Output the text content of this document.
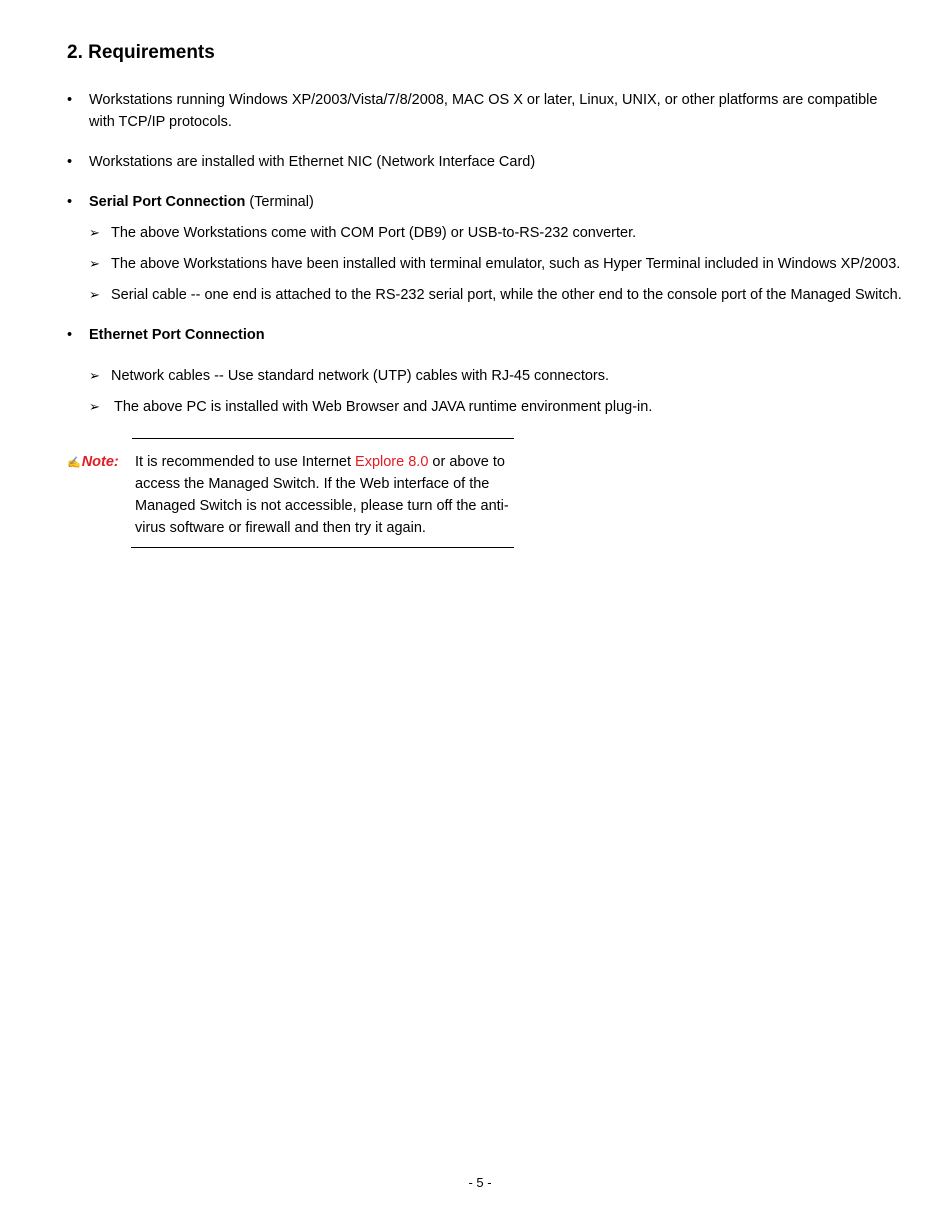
2. Requirements
• Workstations running Windows XP/2003/Vista/7/8/2008, MAC OS X or later, Linux, UNIX, or other platforms are compatible with TCP/IP protocols.
• Workstations are installed with Ethernet NIC (Network Interface Card)
• Serial Port Connection (Terminal)
➢ The above Workstations come with COM Port (DB9) or USB-to-RS-232 converter.
➢ The above Workstations have been installed with terminal emulator, such as Hyper Terminal included in Windows XP/2003.
➢ Serial cable -- one end is attached to the RS-232 serial port, while the other end to the console port of the Managed Switch.
• Ethernet Port Connection
➢ Network cables -- Use standard network (UTP) cables with RJ-45 connectors.
➢ The above PC is installed with Web Browser and JAVA runtime environment plug-in.
✍Note: It is recommended to use Internet Explore 8.0 or above to access the Managed Switch. If the Web interface of the Managed Switch is not accessible, please turn off the anti-virus software or firewall and then try it again.
- 5 -
